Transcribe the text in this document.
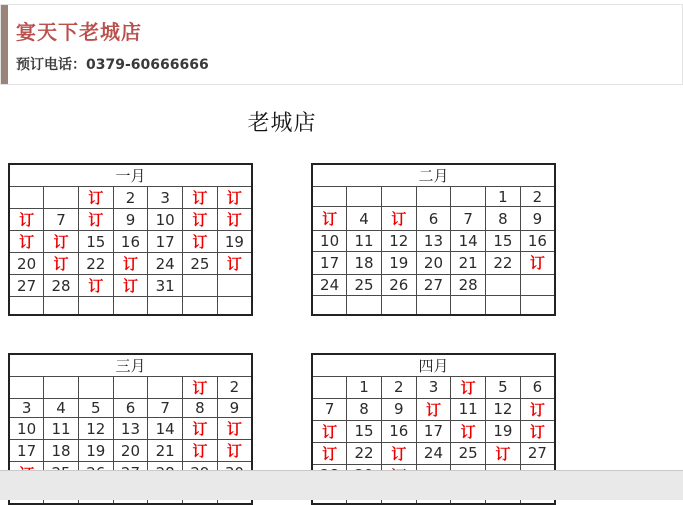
宴天下老城店

预订电话：0379-60666666

老城店
一月						
		订	2	3	订	订
订	7	订	9	10	订	订
订	订	15	16	17	订	19
20	订	22	订	24	25	订
27	28	订	订	31		

二月						
					1	2
订	4	订	6	7	8	9
10	11	12	13	14	15	16
17	18	19	20	21	22	订
24	25	26	27	28		

三月						
					订	2
3	4	5	6	7	8	9
10	11	12	13	14	订	订
17	18	19	20	21	订	订

四月						
	1	2	3	订	5	6
7	8	9	订	11	12	订
订	15	16	17	订	19	订
订	22	订	24	25	订	27
